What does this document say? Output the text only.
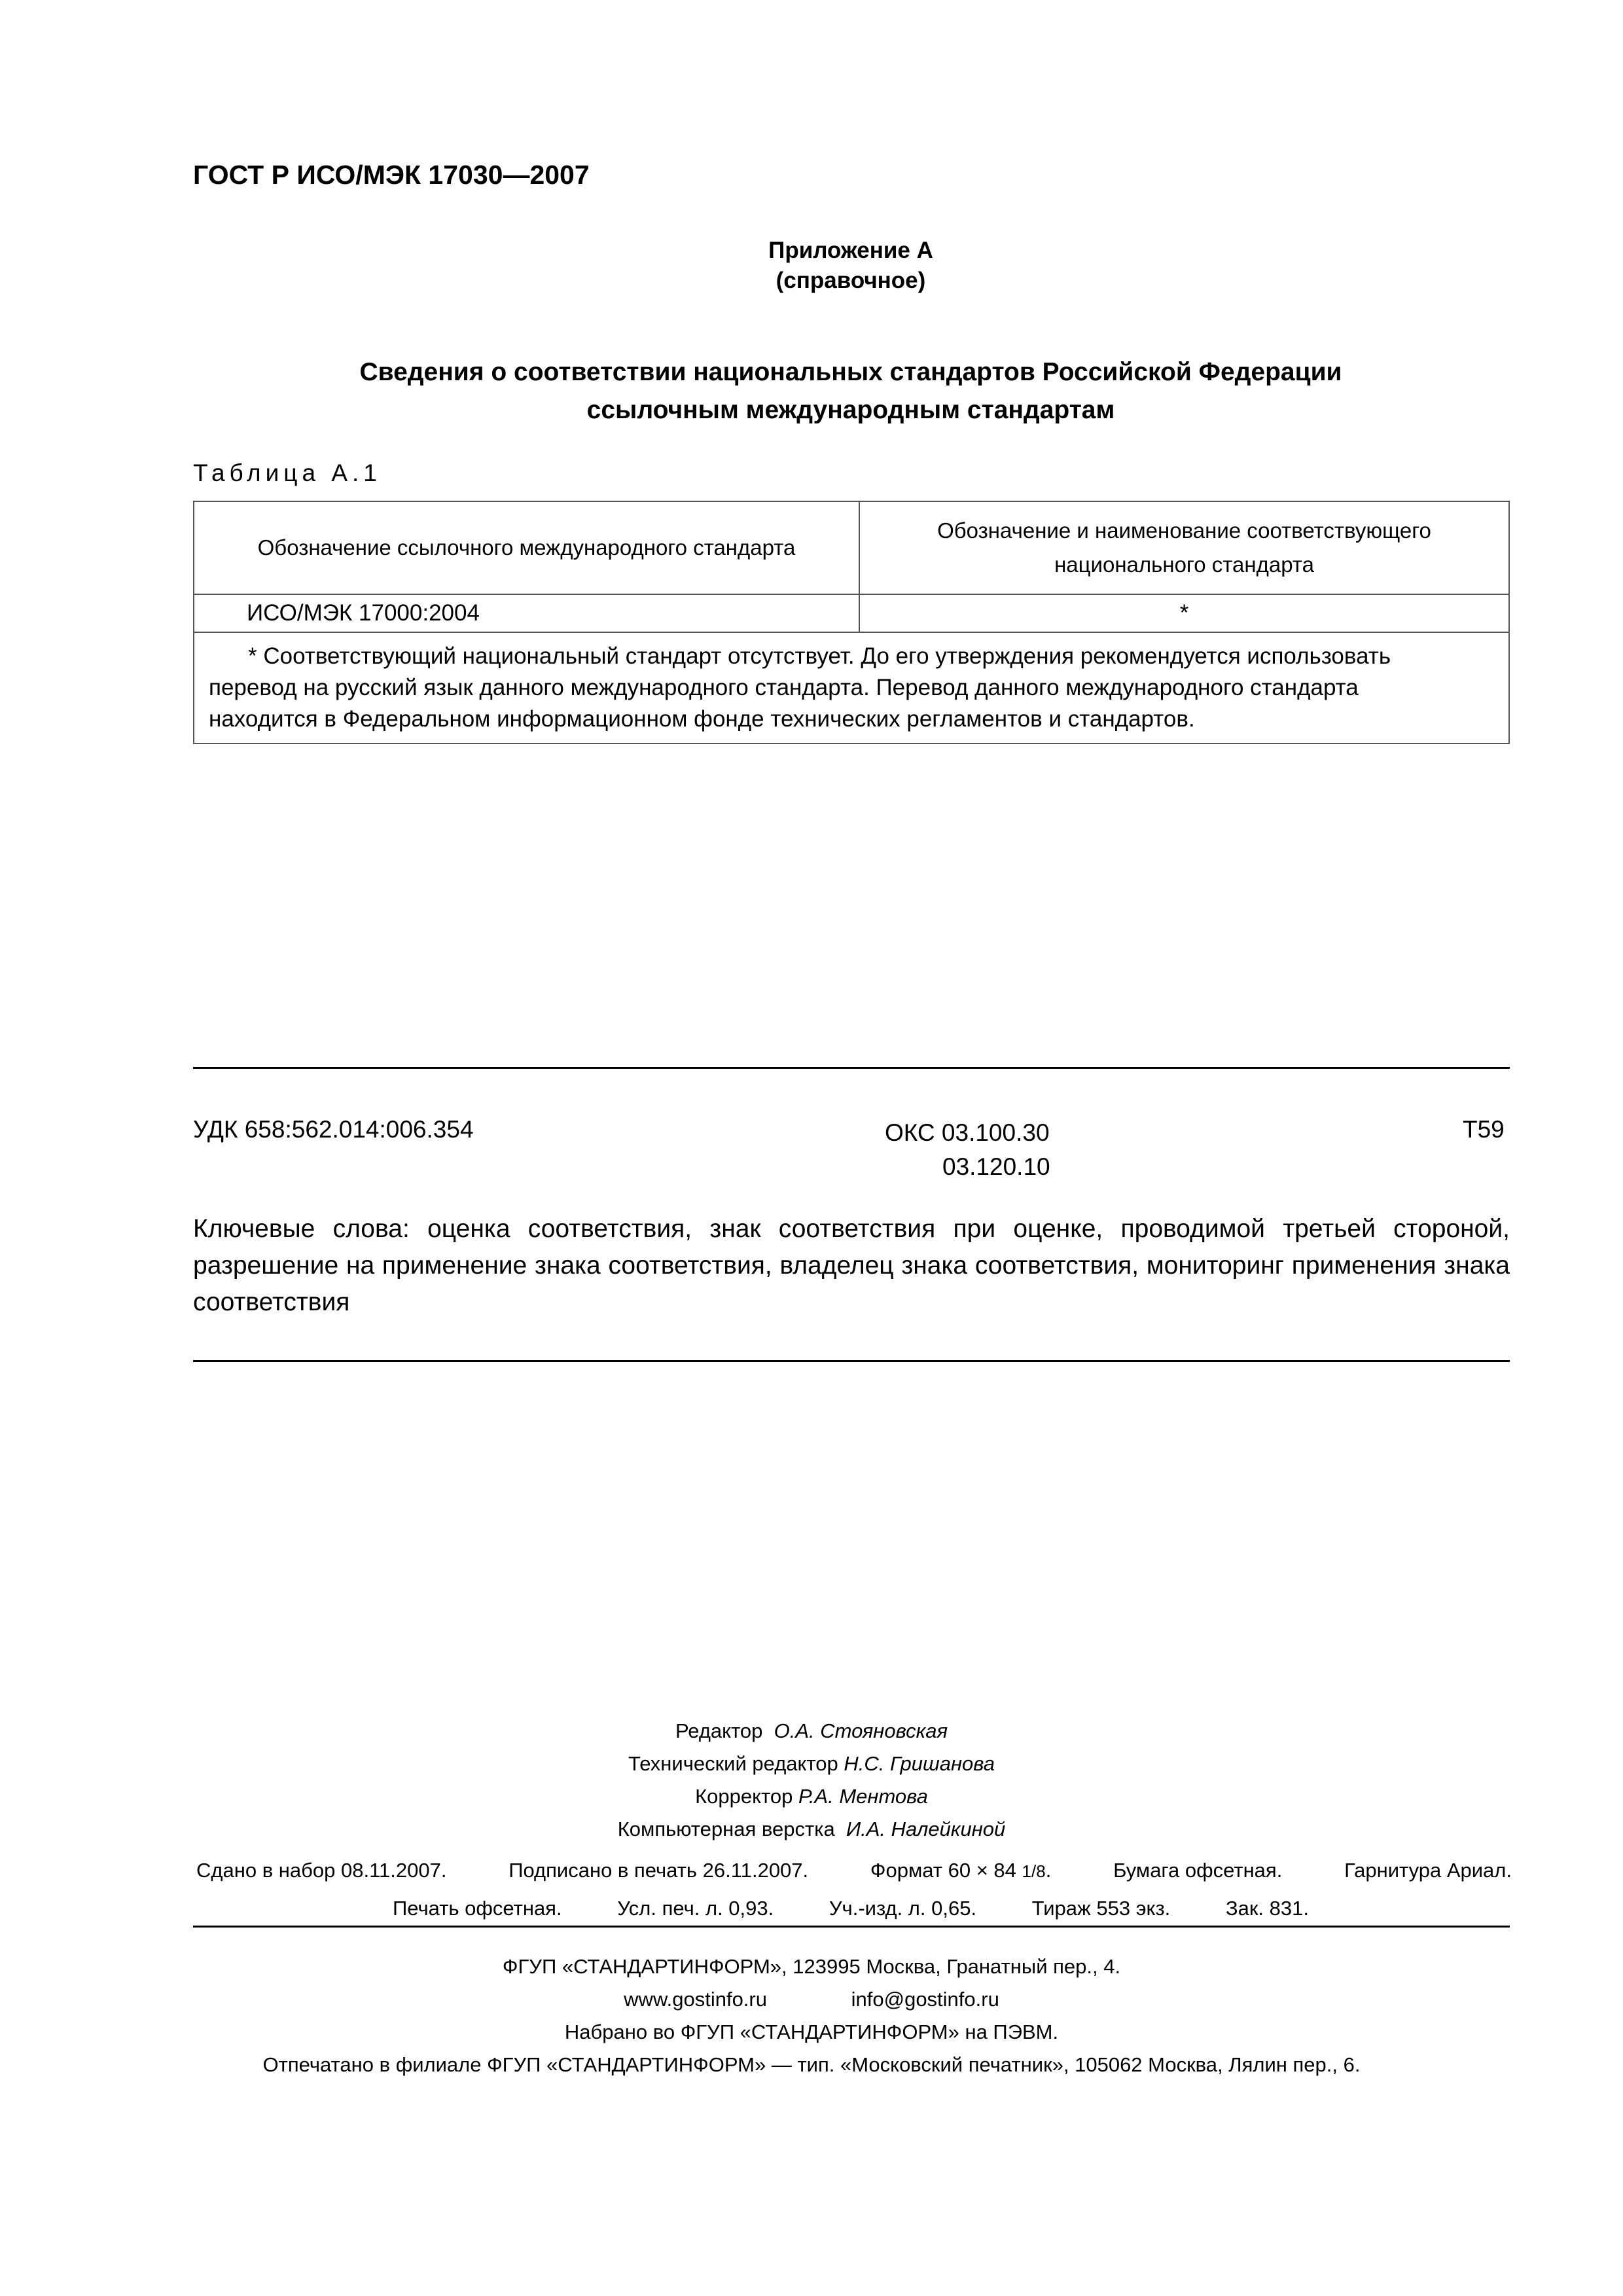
ГОСТ Р ИСО/МЭК 17030—2007
Приложение А
(справочное)
Сведения о соответствии национальных стандартов Российской Федерации
ссылочным международным стандартам
Таблица А.1
Обозначение ссылочного международного стандарта	Обозначение и наименование соответствующего
национального стандарта

ИСО/МЭК 17000:2004	*

* Соответствующий национальный стандарт отсутствует. До его утверждения рекомендуется использовать
перевод на русский язык данного международного стандарта. Перевод данного международного стандарта
находится в Федеральном информационном фонде технических регламентов и стандартов.	
УДК 658:562.014:006.354	ОКС 03.100.30
03.120.10
Т59
Ключевые слова: оценка соответствия, знак соответствия при оценке, проводимой третьей стороной, разрешение на применение знака соответствия, владелец знака соответствия, мониторинг применения знака соответствия
Редактор О.А. Стояновская
Технический редактор Н.С. Гришанова
Корректор Р.А. Ментова
Компьютерная верстка И.А. Налейкиной
Сдано в набор 08.11.2007.	Подписано в печать 26.11.2007.	Формат 60 × 84 1/8.	Бумага офсетная.	Гарнитура Ариал.
Печать офсетная.	Усл. печ. л. 0,93.	Уч.-изд. л. 0,65.	Тираж 553 экз.	Зак. 831.
ФГУП «СТАНДАРТИНФОРМ», 123995 Москва, Гранатный пер., 4.
www.gostinfo.ru	info@gostinfo.ru
Набрано во ФГУП «СТАНДАРТИНФОРМ» на ПЭВМ.
Отпечатано в филиале ФГУП «СТАНДАРТИНФОРМ» — тип. «Московский печатник», 105062 Москва, Лялин пер., 6.
